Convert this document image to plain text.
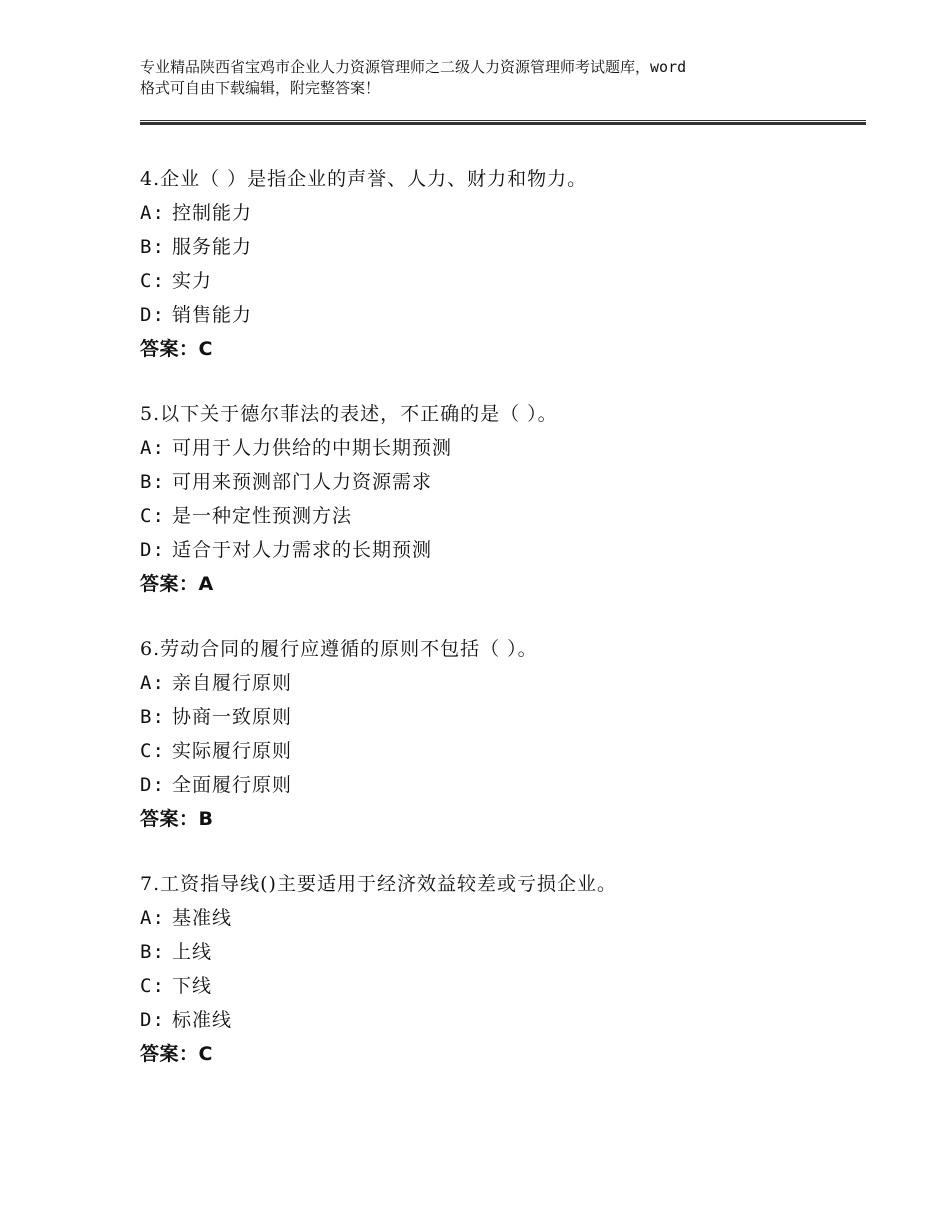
专业精品陕西省宝鸡市企业人力资源管理师之二级人力资源管理师考试题库，word
格式可自由下载编辑，附完整答案！
4.企业（ ）是指企业的声誉、人力、财力和物力。
A: 控制能力
B: 服务能力
C: 实力
D: 销售能力
答案：C
5.以下关于德尔菲法的表述，不正确的是（ ）。
A: 可用于人力供给的中期长期预测
B: 可用来预测部门人力资源需求
C: 是一种定性预测方法
D: 适合于对人力需求的长期预测
答案：A
6.劳动合同的履行应遵循的原则不包括（ ）。
A: 亲自履行原则
B: 协商一致原则
C: 实际履行原则
D: 全面履行原则
答案：B
7.工资指导线()主要适用于经济效益较差或亏损企业。
A: 基准线
B: 上线
C: 下线
D: 标准线
答案：C
